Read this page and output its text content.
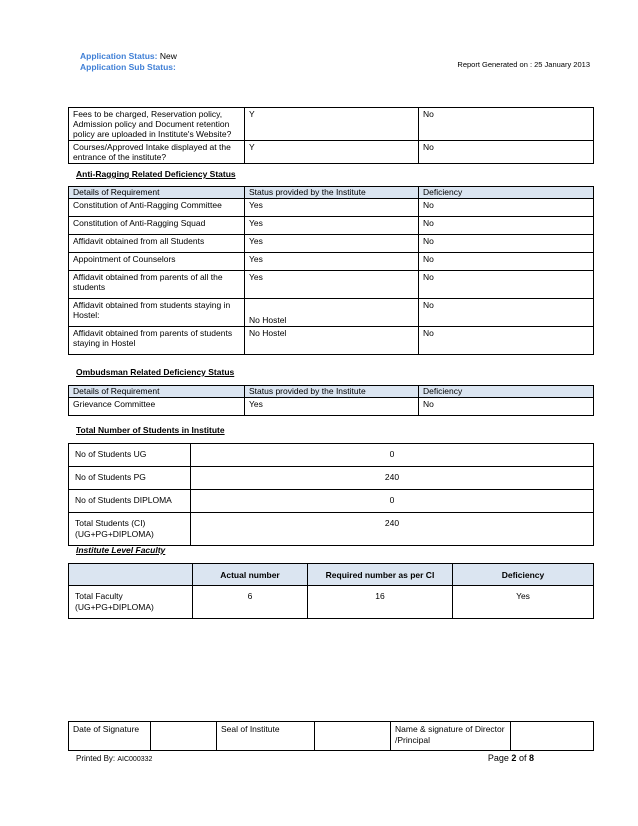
Application Status: New
Application Sub Status:	Report Generated on : 25 January 2013
Fees to be charged, Reservation policy, Admission policy and Document retention policy are uploaded in Institute's Website?	Y	No
Courses/Approved Intake displayed at the entrance of the institute?	Y	No
Anti-Ragging Related Deficiency Status
Details of Requirement	Status provided by the Institute	Deficiency
Constitution of Anti-Ragging Committee	Yes	No
Constitution of Anti-Ragging Squad	Yes	No
Affidavit obtained from all Students	Yes	No
Appointment of Counselors	Yes	No
Affidavit obtained from parents of all the students	Yes	No
Affidavit obtained from students staying in Hostel:	No Hostel	No
Affidavit obtained from parents of students staying in Hostel	No Hostel	No
Ombudsman Related Deficiency Status
Details of Requirement	Status provided by the Institute	Deficiency
Grievance Committee	Yes	No
Total Number of Students in Institute
No of Students UG	0
No of Students PG	240
No of Students DIPLOMA	0
Total Students (CI) (UG+PG+DIPLOMA)	240
Institute Level Faculty
	Actual number	Required number as per CI	Deficiency
Total Faculty (UG+PG+DIPLOMA)	6	16	Yes
Date of Signature		Seal of Institute		Name & signature of Director /Principal	
Printed By: AIC000332	Page 2 of 8
